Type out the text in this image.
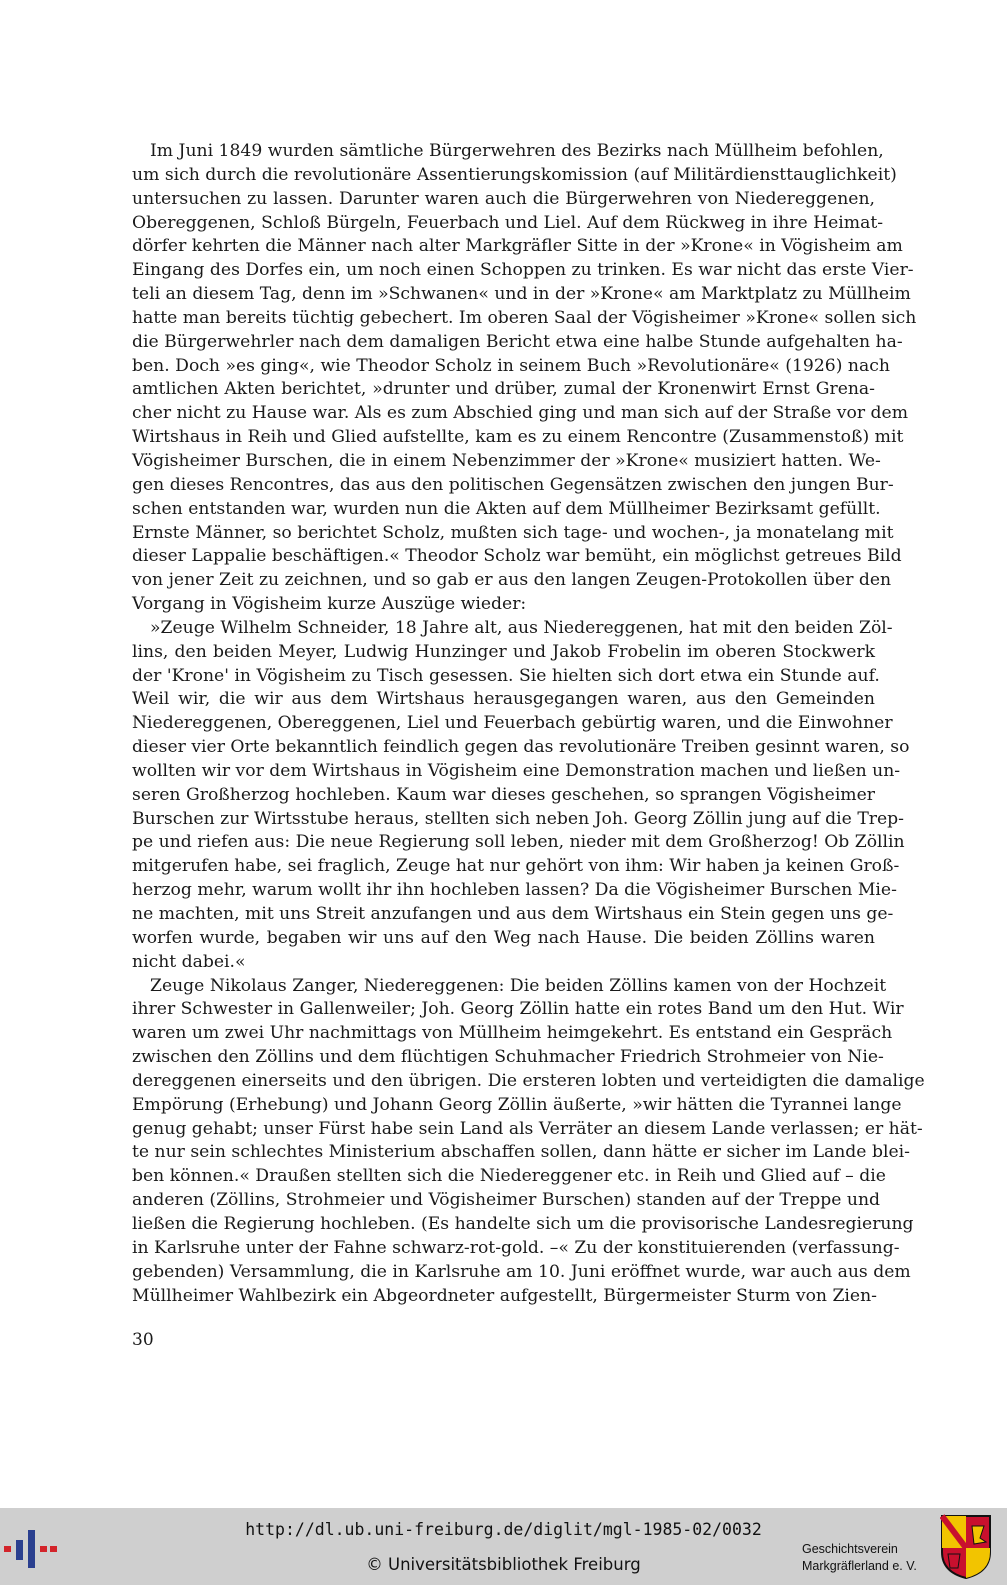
Im Juni 1849 wurden sämtliche Bürgerwehren des Bezirks nach Müllheim befohlen,
um sich durch die revolutionäre Assentierungskomission (auf Militärdiensttauglichkeit)
untersuchen zu lassen. Darunter waren auch die Bürgerwehren von Niedereggenen,
Obereggenen, Schloß Bürgeln, Feuerbach und Liel. Auf dem Rückweg in ihre Heimat-
dörfer kehrten die Männer nach alter Markgräfler Sitte in der »Krone« in Vögisheim am
Eingang des Dorfes ein, um noch einen Schoppen zu trinken. Es war nicht das erste Vier-
teli an diesem Tag, denn im »Schwanen« und in der »Krone« am Marktplatz zu Müllheim
hatte man bereits tüchtig gebechert. Im oberen Saal der Vögisheimer »Krone« sollen sich
die Bürgerwehrler nach dem damaligen Bericht etwa eine halbe Stunde aufgehalten ha-
ben. Doch »es ging«, wie Theodor Scholz in seinem Buch »Revolutionäre« (1926) nach
amtlichen Akten berichtet, »drunter und drüber, zumal der Kronenwirt Ernst Grena-
cher nicht zu Hause war. Als es zum Abschied ging und man sich auf der Straße vor dem
Wirtshaus in Reih und Glied aufstellte, kam es zu einem Rencontre (Zusammenstoß) mit
Vögisheimer Burschen, die in einem Nebenzimmer der »Krone« musiziert hatten. We-
gen dieses Rencontres, das aus den politischen Gegensätzen zwischen den jungen Bur-
schen entstanden war, wurden nun die Akten auf dem Müllheimer Bezirksamt gefüllt.
Ernste Männer, so berichtet Scholz, mußten sich tage- und wochen-, ja monatelang mit
dieser Lappalie beschäftigen.« Theodor Scholz war bemüht, ein möglichst getreues Bild
von jener Zeit zu zeichnen, und so gab er aus den langen Zeugen-Protokollen über den
Vorgang in Vögisheim kurze Auszüge wieder:
»Zeuge Wilhelm Schneider, 18 Jahre alt, aus Niedereggenen, hat mit den beiden Zöl-
lins, den beiden Meyer, Ludwig Hunzinger und Jakob Frobelin im oberen Stockwerk
der 'Krone' in Vögisheim zu Tisch gesessen. Sie hielten sich dort etwa ein Stunde auf.
Weil wir, die wir aus dem Wirtshaus herausgegangen waren, aus den Gemeinden
Niedereggenen, Obereggenen, Liel und Feuerbach gebürtig waren, und die Einwohner
dieser vier Orte bekanntlich feindlich gegen das revolutionäre Treiben gesinnt waren, so
wollten wir vor dem Wirtshaus in Vögisheim eine Demonstration machen und ließen un-
seren Großherzog hochleben. Kaum war dieses geschehen, so sprangen Vögisheimer
Burschen zur Wirtsstube heraus, stellten sich neben Joh. Georg Zöllin jung auf die Trep-
pe und riefen aus: Die neue Regierung soll leben, nieder mit dem Großherzog! Ob Zöllin
mitgerufen habe, sei fraglich, Zeuge hat nur gehört von ihm: Wir haben ja keinen Groß-
herzog mehr, warum wollt ihr ihn hochleben lassen? Da die Vögisheimer Burschen Mie-
ne machten, mit uns Streit anzufangen und aus dem Wirtshaus ein Stein gegen uns ge-
worfen wurde, begaben wir uns auf den Weg nach Hause. Die beiden Zöllins waren
nicht dabei.«
Zeuge Nikolaus Zanger, Niedereggenen: Die beiden Zöllins kamen von der Hochzeit
ihrer Schwester in Gallenweiler; Joh. Georg Zöllin hatte ein rotes Band um den Hut. Wir
waren um zwei Uhr nachmittags von Müllheim heimgekehrt. Es entstand ein Gespräch
zwischen den Zöllins und dem flüchtigen Schuhmacher Friedrich Strohmeier von Nie-
dereggenen einerseits und den übrigen. Die ersteren lobten und verteidigten die damalige
Empörung (Erhebung) und Johann Georg Zöllin äußerte, »wir hätten die Tyrannei lange
genug gehabt; unser Fürst habe sein Land als Verräter an diesem Lande verlassen; er hät-
te nur sein schlechtes Ministerium abschaffen sollen, dann hätte er sicher im Lande blei-
ben können.« Draußen stellten sich die Niedereggener etc. in Reih und Glied auf – die
anderen (Zöllins, Strohmeier und Vögisheimer Burschen) standen auf der Treppe und
ließen die Regierung hochleben. (Es handelte sich um die provisorische Landesregierung
in Karlsruhe unter der Fahne schwarz-rot-gold. –« Zu der konstituierenden (verfassung-
gebenden) Versammlung, die in Karlsruhe am 10. Juni eröffnet wurde, war auch aus dem
Müllheimer Wahlbezirk ein Abgeordneter aufgestellt, Bürgermeister Sturm von Zien-
30
http://dl.ub.uni-freiburg.de/diglit/mgl-1985-02/0032
© Universitätsbibliothek Freiburg
Geschichtsverein
Markgräflerland e. V.
